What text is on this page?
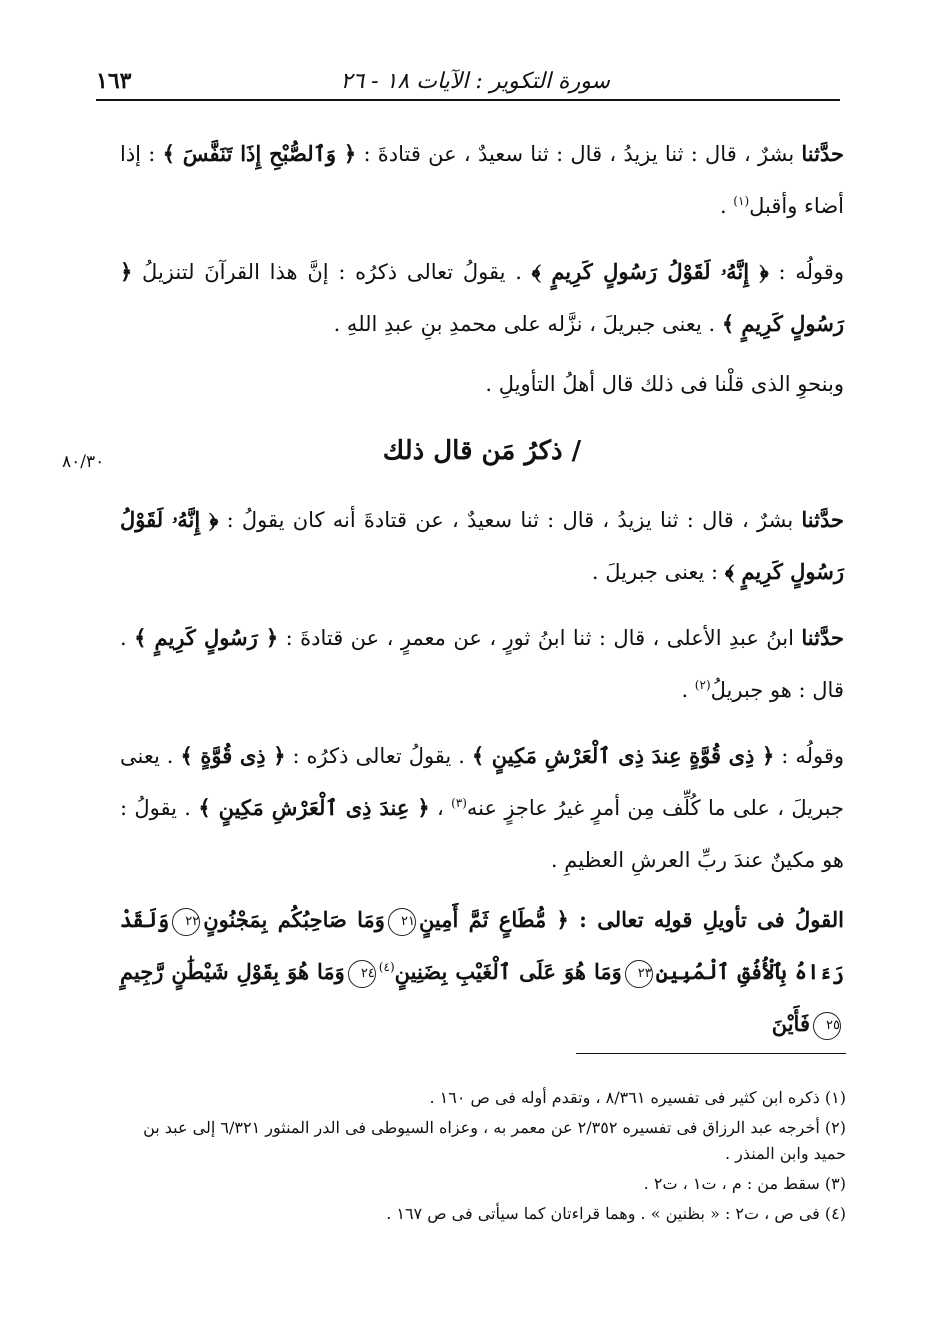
سورة التكوير : الآيات ١٨ - ٢٦
١٦٣
٨٠/٣٠

حدَّثنا بشرٌ ، قال : ثنا يزيدُ ، قال : ثنا سعيدٌ ، عن قتادةَ : ﴿ وَٱلصُّبْحِ إِذَا تَنَفَّسَ ﴾ : إذا أضاء وأقبل$^{(١)}$ .

وقولُه : ﴿ إِنَّهُۥ لَقَوْلُ رَسُولٍ كَرِيمٍ ﴾ . يقولُ تعالى ذكرُه : إنَّ هذا القرآنَ لتنزيلُ ﴿ رَسُولٍ كَرِيمٍ ﴾ . يعنى جبريلَ ، نزَّله على محمدِ بنِ عبدِ اللهِ .

وبنحوِ الذى قلْنا فى ذلك قال أهلُ التأويلِ .

/ ذكرُ مَن قال ذلك

حدَّثنا بشرٌ ، قال : ثنا يزيدُ ، قال : ثنا سعيدٌ ، عن قتادةَ أنه كان يقولُ : ﴿ إِنَّهُۥ لَقَوْلُ رَسُولٍ كَرِيمٍ ﴾ : يعنى جبريلَ .

حدَّثنا ابنُ عبدِ الأعلى ، قال : ثنا ابنُ ثورٍ ، عن معمرٍ ، عن قتادةَ : ﴿ رَسُولٍ كَرِيمٍ ﴾ . قال : هو جبريلُ$^{(٢)}$ .

وقولُه : ﴿ ذِى قُوَّةٍ عِندَ ذِى ٱلْعَرْشِ مَكِينٍ ﴾ . يقولُ تعالى ذكرُه : ﴿ ذِى قُوَّةٍ ﴾ . يعنى جبريلَ ، على ما كُلِّف مِن أمرٍ غيرُ عاجزٍ عنه$^{(٣)}$ ، ﴿ عِندَ ذِى ٱلْعَرْشِ مَكِينٍ ﴾ . يقولُ : هو مكينٌ عندَ ربِّ العرشِ العظيمِ .

القولُ فى تأويلِ قولِه تعالى : ﴿ مُّطَاعٍ ثَمَّ أَمِينٍ٢١وَمَا صَاحِبُكُم بِمَجْنُونٍ٢٢وَلَقَدْ رَءَاهُ بِٱلْأُفُقِ ٱلْمُبِينِ٢٣وَمَا هُوَ عَلَى ٱلْغَيْبِ بِضَنِينٍ$^{(٤)}$٢٤وَمَا هُوَ بِقَوْلِ شَيْطَٰنٍ رَّجِيمٍ٢٥فَأَيْنَ

(١) ذكره ابن كثير فى تفسيره ٨/٣٦١ ، وتقدم أوله فى ص ١٦٠ .

(٢) أخرجه عبد الرزاق فى تفسيره ٢/٣٥٢ عن معمر به ، وعزاه السيوطى فى الدر المنثور ٦/٣٢١ إلى عبد بن حميد وابن المنذر .

(٣) سقط من : م ، ت١ ، ت٢ .

(٤) فى ص ، ت٢ : « بظنين » . وهما قراءتان كما سيأتى فى ص ١٦٧ .
